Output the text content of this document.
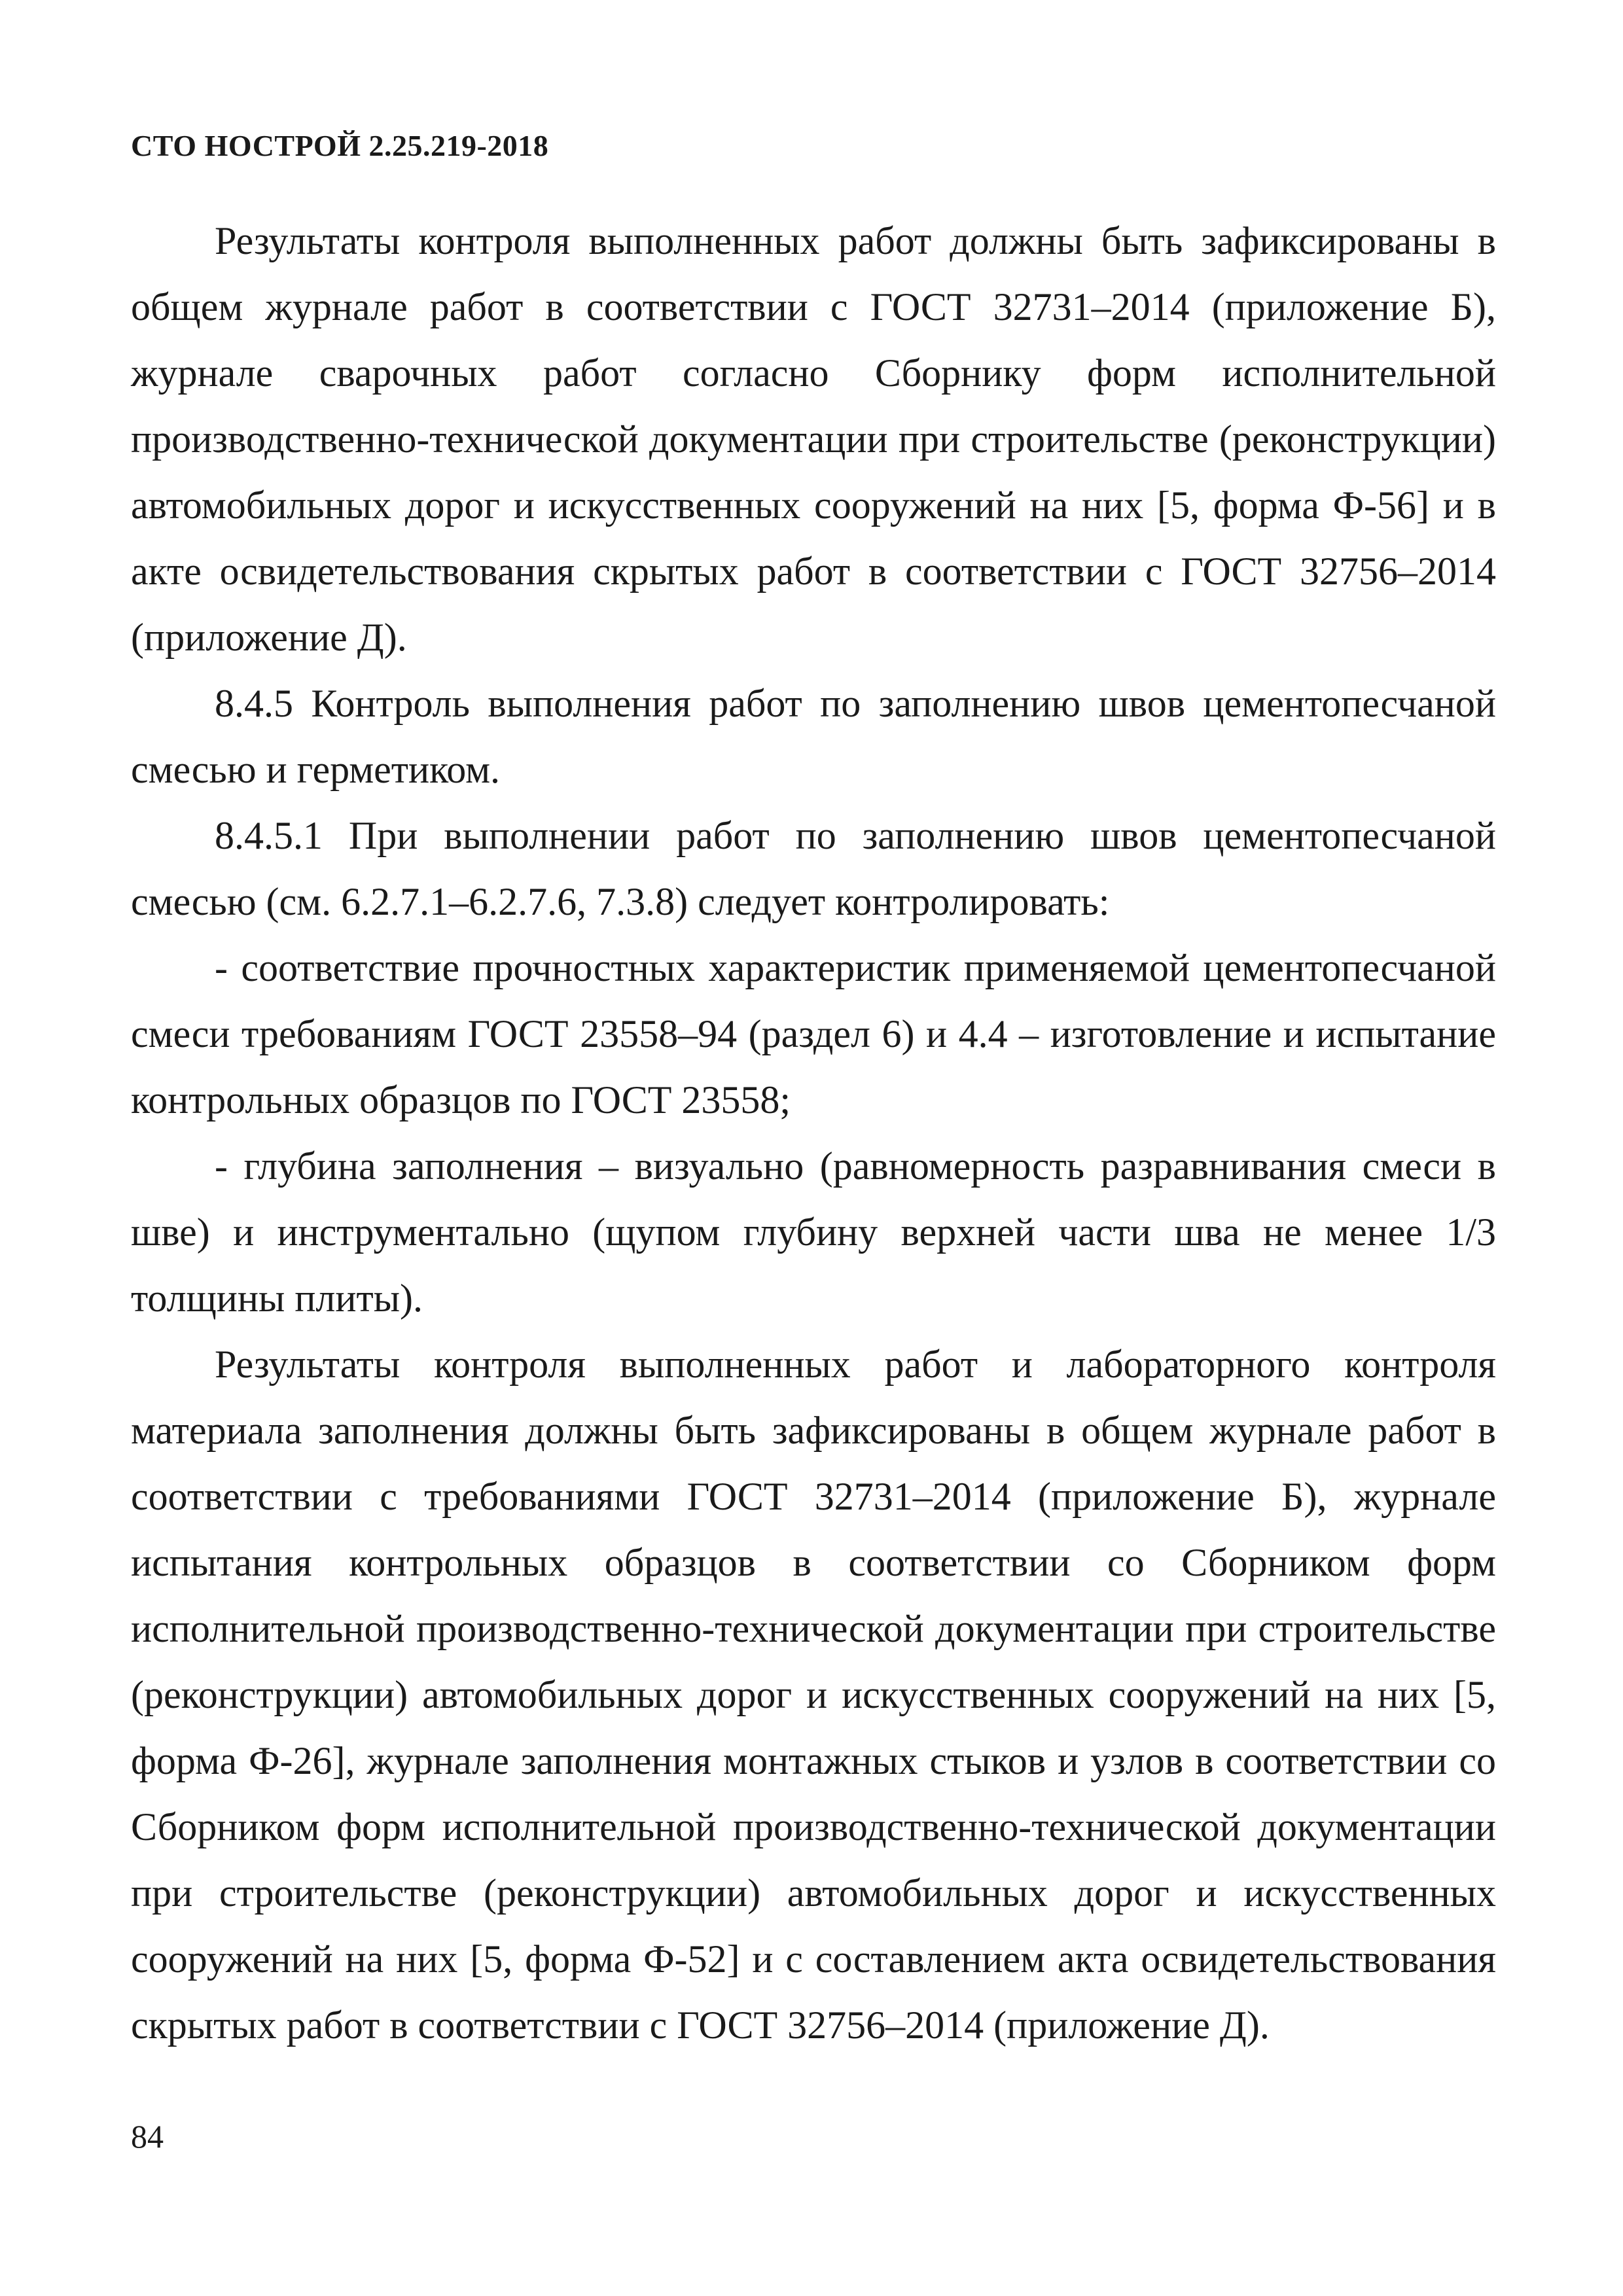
СТО НОСТРОЙ 2.25.219-2018

Результаты контроля выполненных работ должны быть зафиксированы в общем журнале работ в соответствии с ГОСТ 32731–2014 (приложение Б), журнале сварочных работ согласно Сборнику форм исполнительной производственно-технической документации при строительстве (реконструкции) автомобильных дорог и искусственных сооружений на них [5, форма Ф-56] и в акте освидетельствования скрытых работ в соответствии с ГОСТ 32756–2014 (приложение Д).

8.4.5 Контроль выполнения работ по заполнению швов цементопесчаной смесью и герметиком.

8.4.5.1 При выполнении работ по заполнению швов цементопесчаной смесью (см. 6.2.7.1–6.2.7.6, 7.3.8) следует контролировать:

- соответствие прочностных характеристик применяемой цементопесчаной смеси требованиям ГОСТ 23558–94 (раздел 6) и 4.4 – изготовление и испытание контрольных образцов по ГОСТ 23558;

- глубина заполнения – визуально (равномерность разравнивания смеси в шве) и инструментально (щупом глубину верхней части шва не менее 1/3 толщины плиты).

Результаты контроля выполненных работ и лабораторного контроля материала заполнения должны быть зафиксированы в общем журнале работ в соответствии с требованиями ГОСТ 32731–2014 (приложение Б), журнале испытания контрольных образцов в соответствии со Сборником форм исполнительной производственно-технической документации при строительстве (реконструкции) автомобильных дорог и искусственных сооружений на них [5, форма Ф-26], журнале заполнения монтажных стыков и узлов в соответствии со Сборником форм исполнительной производственно-технической документации при строительстве (реконструкции) автомобильных дорог и искусственных сооружений на них [5, форма Ф-52] и с составлением акта освидетельствования скрытых работ в соответствии с ГОСТ 32756–2014 (приложение Д).

84
